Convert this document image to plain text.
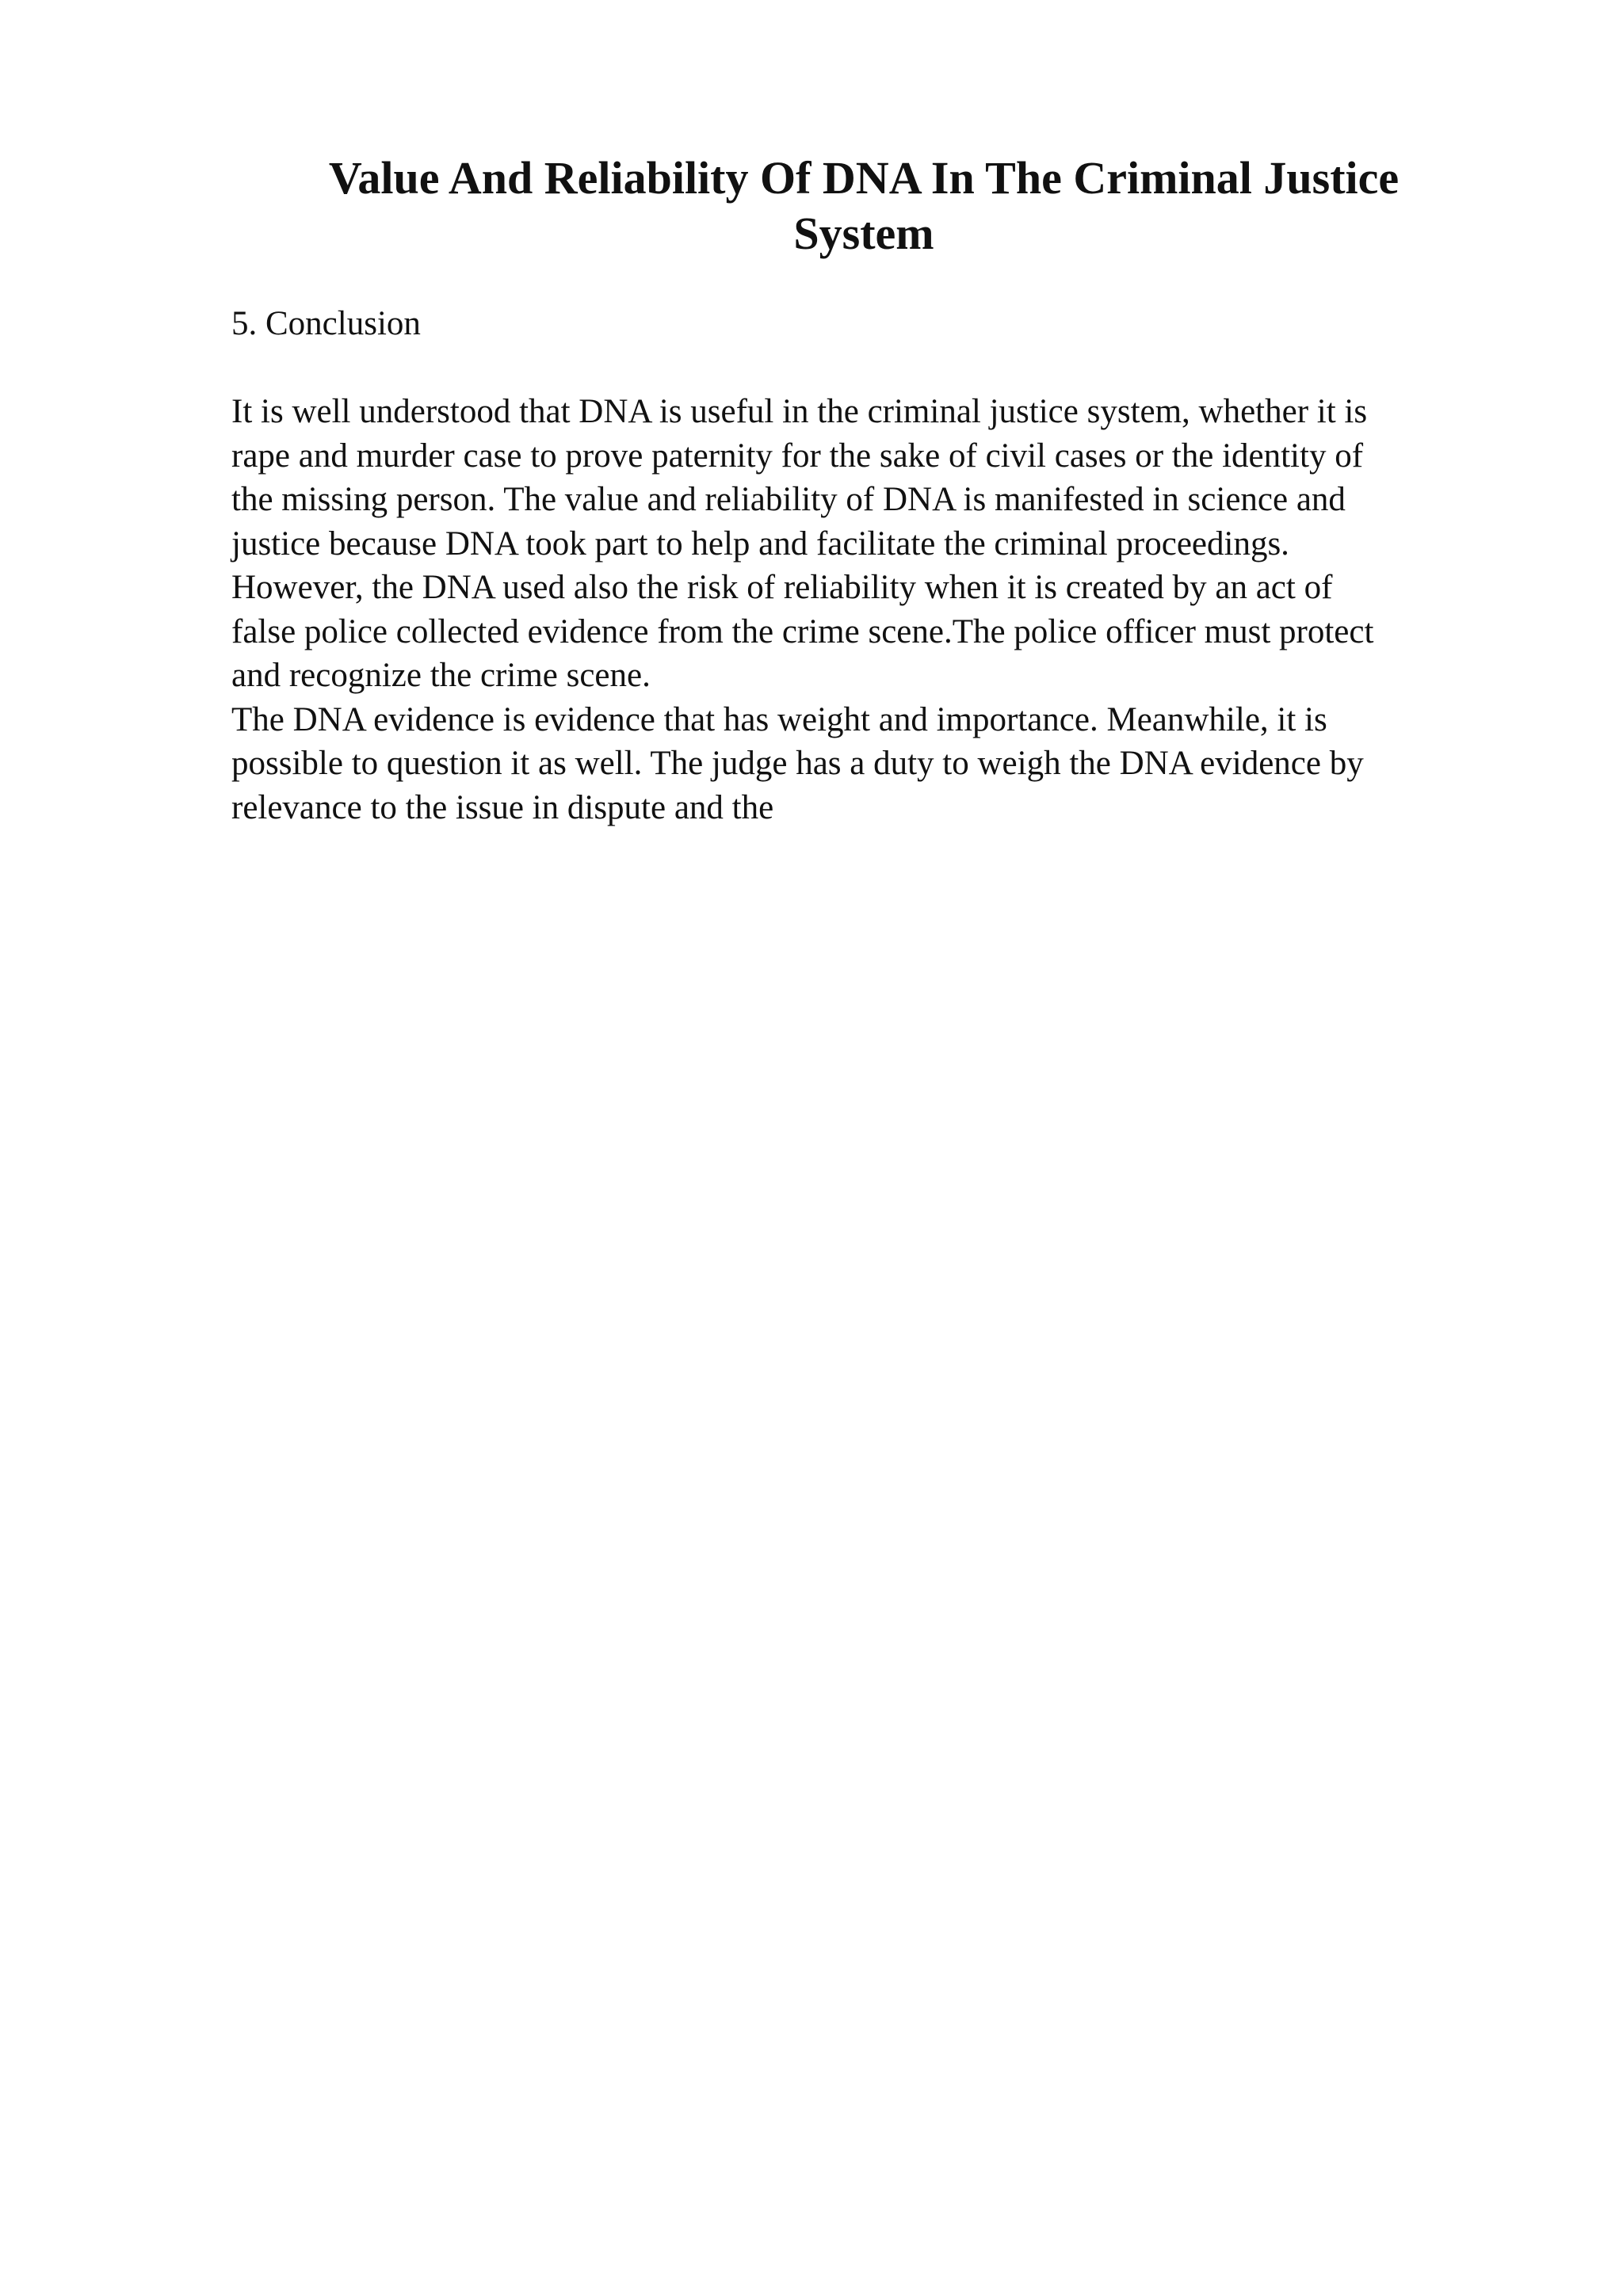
Value And Reliability Of DNA In The Criminal Justice
System

5. Conclusion

It is well understood that DNA is useful in the criminal justice system, whether it is
rape and murder case to prove paternity for the sake of civil cases or the identity of
the missing person. The value and reliability of DNA is manifested in science and
justice because DNA took part to help and facilitate the criminal proceedings.
However, the DNA used also the risk of reliability when it is created by an act of
false police collected evidence from the crime scene.The police officer must protect
and recognize the crime scene.
The DNA evidence is evidence that has weight and importance. Meanwhile, it is
possible to question it as well. The judge has a duty to weigh the DNA evidence by
relevance to the issue in dispute and the
